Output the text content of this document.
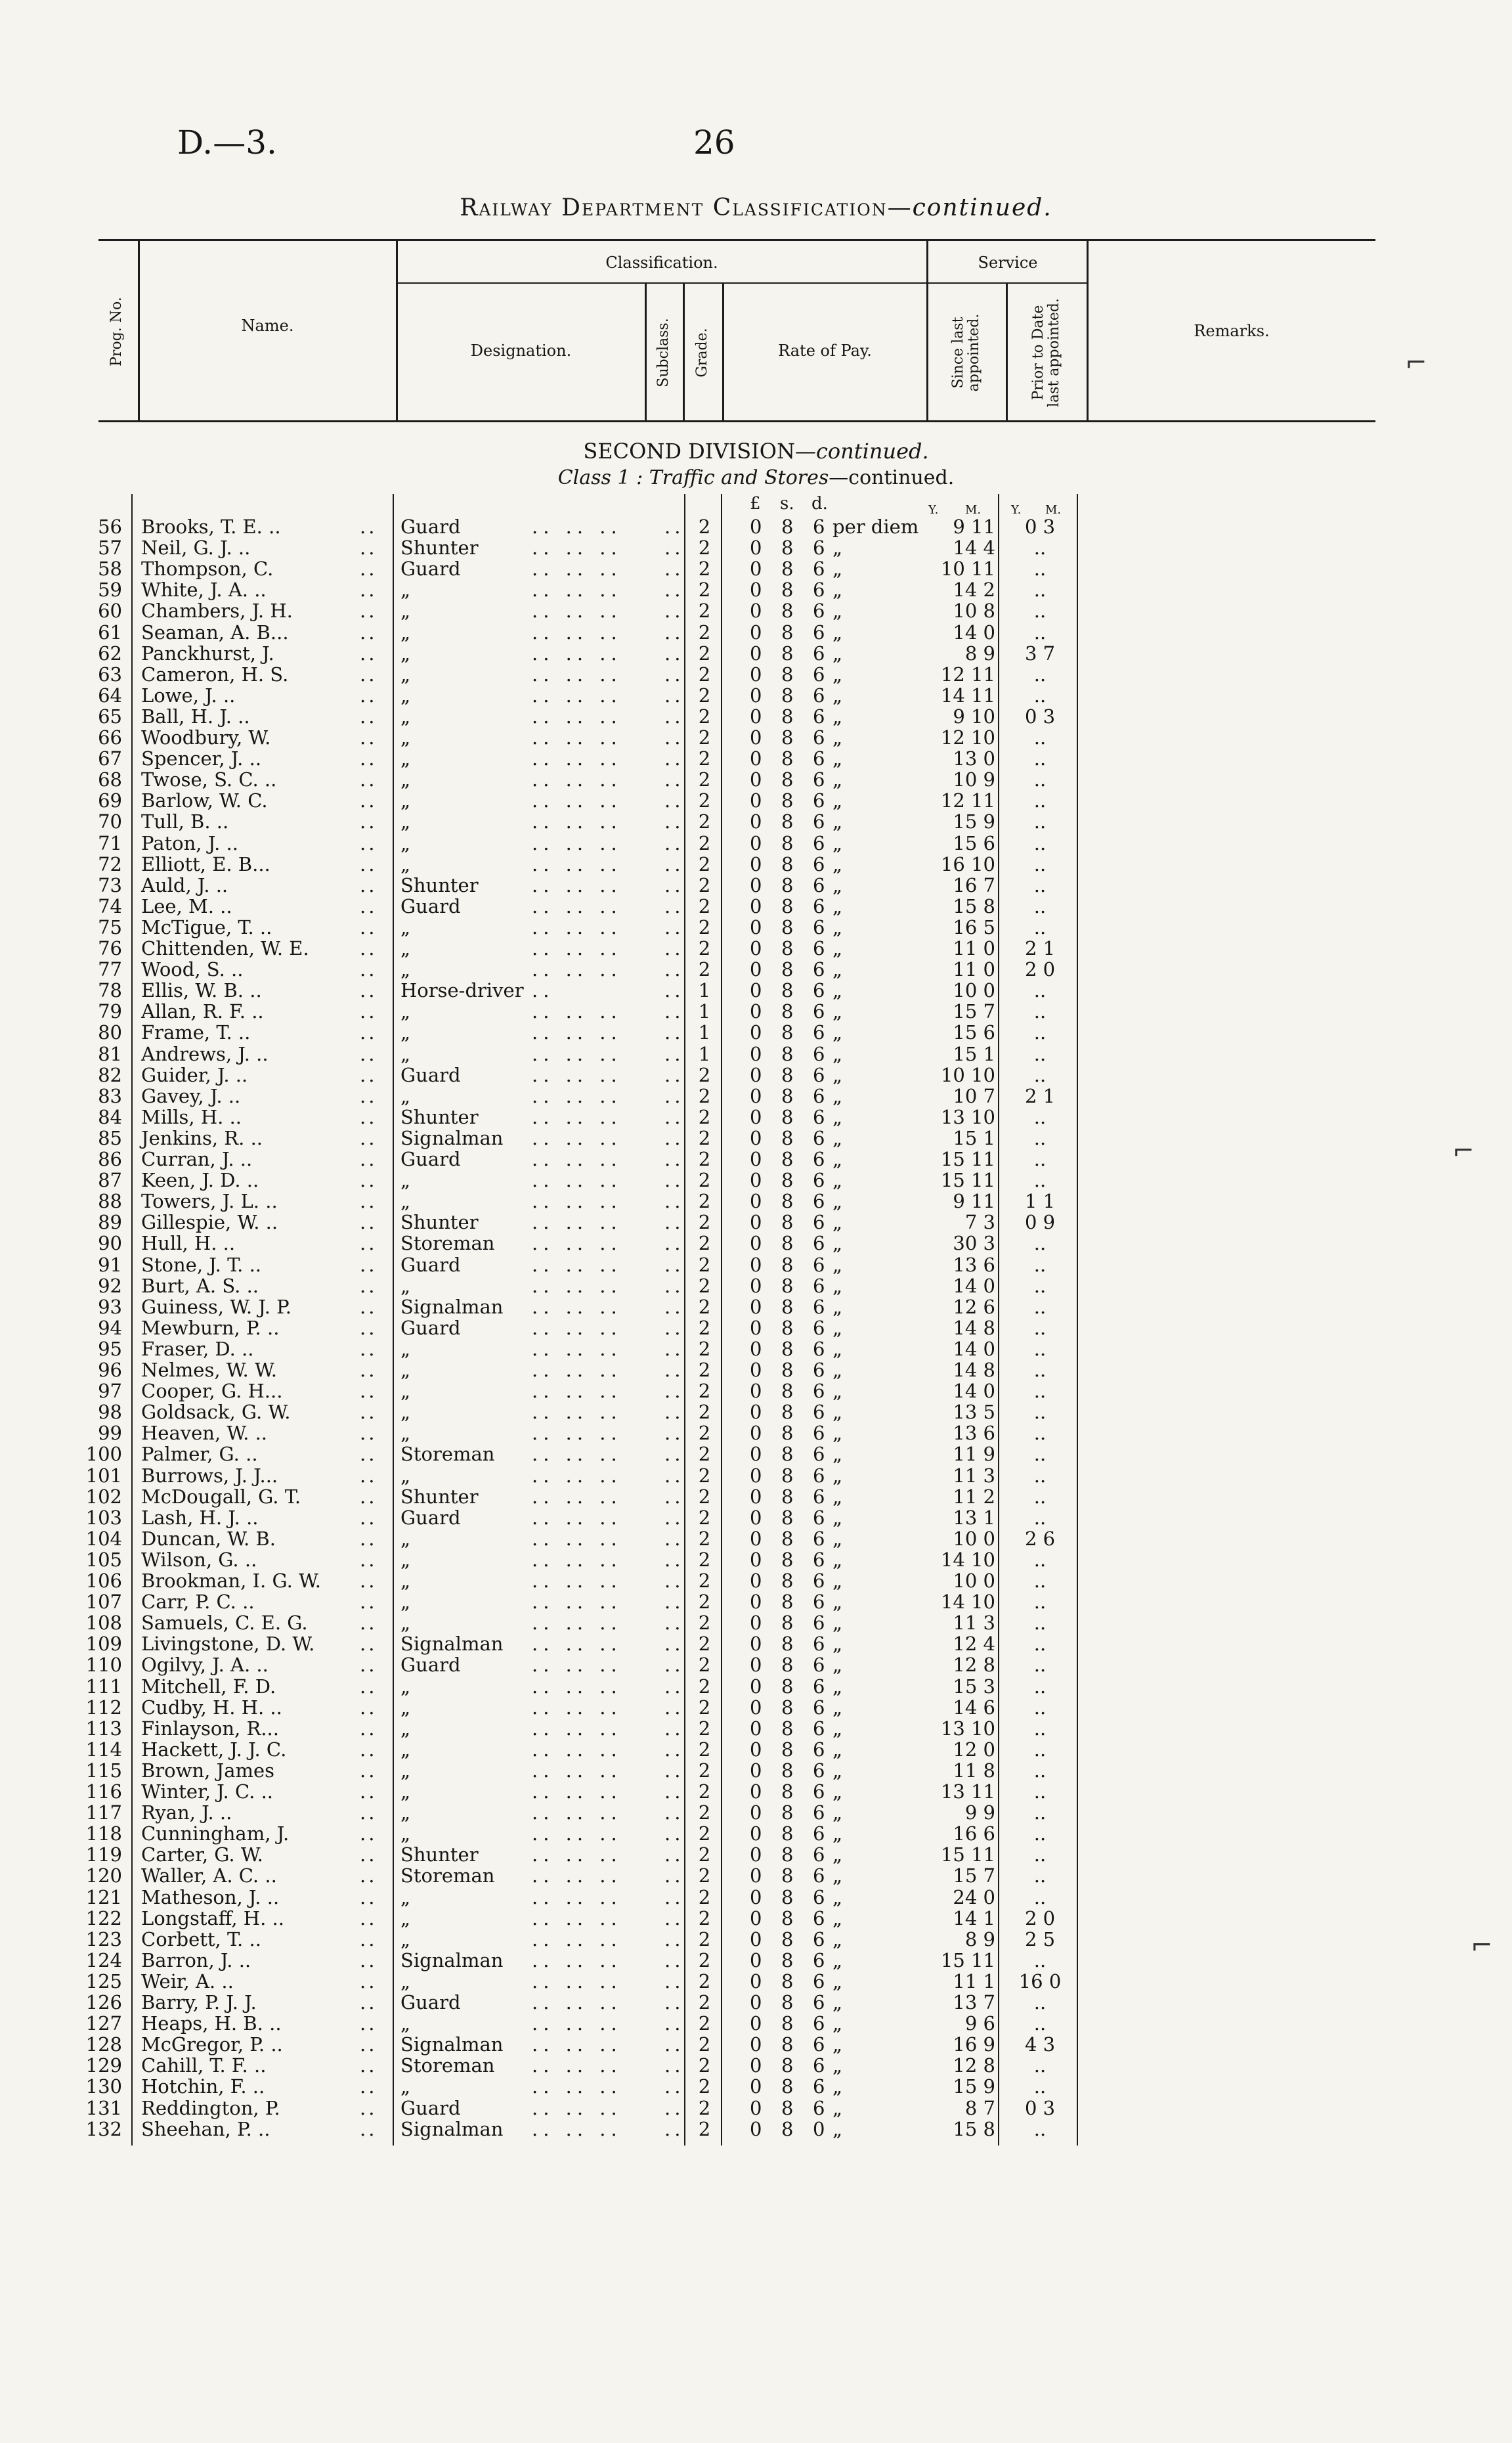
D.—3.	26
Railway Department Classification—continued.
Prog. No.	Name.
Classification.
Designation.	Subclass. Grade.	Rate of Pay.
Service
Since last appointed.	Prior to Date last appointed.	Remarks.
SECOND DIVISION—continued.
Class 1 : Traffic and Stores—continued.
£ s. d.	Y. M.	Y. M.
56 Brooks, T. E. ..	.. Guard	.. .. .. .. 2 0 8 6 per diem	9 11	0 3
57 Neil, G. J. ..	.. Shunter	.. .. .. .. 2 0 8 6 „	14 4	..
58 Thompson, C.	.. Guard	.. .. .. .. 2 0 8 6 „	10 11	..
59 White, J. A. ..	.. „	.. .. .. .. 2 0 8 6 „	14 2	..
60 Chambers, J. H.	.. „	.. .. .. .. 2 0 8 6 „	10 8	..
61 Seaman, A. B...	.. „	.. .. .. .. 2 0 8 6 „	14 0	..
62 Panckhurst, J.	.. „	.. .. .. .. 2 0 8 6 „	8 9	3 7
63 Cameron, H. S.	.. „	.. .. .. .. 2 0 8 6 „	12 11	..
64 Lowe, J. ..	.. „	.. .. .. .. 2 0 8 6 „	14 11	..
65 Ball, H. J. ..	.. „	.. .. .. .. 2 0 8 6 „	9 10	0 3
66 Woodbury, W.	.. „	.. .. .. .. 2 0 8 6 „	12 10	..
67 Spencer, J. ..	.. „	.. .. .. .. 2 0 8 6 „	13 0	..
68 Twose, S. C. ..	.. „	.. .. .. .. 2 0 8 6 „	10 9	..
69 Barlow, W. C.	.. „	.. .. .. .. 2 0 8 6 „	12 11	..
70 Tull, B. ..	.. „	.. .. .. .. 2 0 8 6 „	15 9	..
71 Paton, J. ..	.. „	.. .. .. .. 2 0 8 6 „	15 6	..
72 Elliott, E. B...	.. „	.. .. .. .. 2 0 8 6 „	16 10	..
73 Auld, J. ..	.. Shunter	.. .. .. .. 2 0 8 6 „	16 7	..
74 Lee, M. ..	.. Guard	.. .. .. .. 2 0 8 6 „	15 8	..
75 McTigue, T. ..	.. „	.. .. .. .. 2 0 8 6 „	16 5	..
76 Chittenden, W. E.	.. „	.. .. .. .. 2 0 8 6 „	11 0	2 1
77 Wood, S. ..	.. „	.. .. .. .. 2 0 8 6 „	11 0	2 0
78 Ellis, W. B. ..	.. Horse-driver ..	.. 1 0 8 6 „	10 0	..
79 Allan, R. F. ..	.. „	.. .. .. .. 1 0 8 6 „	15 7	..
80 Frame, T. ..	.. „	.. .. .. .. 1 0 8 6 „	15 6	..
81 Andrews, J. ..	.. „	.. .. .. .. 1 0 8 6 „	15 1	..
82 Guider, J. ..	.. Guard	.. .. .. .. 2 0 8 6 „	10 10	..
83 Gavey, J. ..	.. „	.. .. .. .. 2 0 8 6 „	10 7	2 1
84 Mills, H. ..	.. Shunter	.. .. .. .. 2 0 8 6 „	13 10	..
85 Jenkins, R. ..	.. Signalman .. .. .. .. 2 0 8 6 „	15 1	..
86 Curran, J. ..	.. Guard	.. .. .. .. 2 0 8 6 „	15 11	..
87 Keen, J. D. ..	.. „	.. .. .. .. 2 0 8 6 „	15 11	..
88 Towers, J. L. ..	.. „	.. .. .. .. 2 0 8 6 „	9 11	1 1
89 Gillespie, W. ..	.. Shunter	.. .. .. .. 2 0 8 6 „	7 3	0 9
90 Hull, H. ..	.. Storeman .. .. .. .. 2 0 8 6 „	30 3	..
91 Stone, J. T. ..	.. Guard	.. .. .. .. 2 0 8 6 „	13 6	..
92 Burt, A. S. ..	.. „	.. .. .. .. 2 0 8 6 „	14 0	..
93 Guiness, W. J. P.	.. Signalman .. .. .. .. 2 0 8 6 „	12 6	..
94 Mewburn, P. ..	.. Guard	.. .. .. .. 2 0 8 6 „	14 8	..
95 Fraser, D. ..	.. „	.. .. .. .. 2 0 8 6 „	14 0	..
96 Nelmes, W. W.	.. „	.. .. .. .. 2 0 8 6 „	14 8	..
97 Cooper, G. H...	.. „	.. .. .. .. 2 0 8 6 „	14 0	..
98 Goldsack, G. W.	.. „	.. .. .. .. 2 0 8 6 „	13 5	..
99 Heaven, W. ..	.. „	.. .. .. .. 2 0 8 6 „	13 6	..
100 Palmer, G. ..	.. Storeman .. .. .. .. 2 0 8 6 „	11 9	..
101 Burrows, J. J...	.. „	.. .. .. .. 2 0 8 6 „	11 3	..
102 McDougall, G. T.	.. Shunter	.. .. .. .. 2 0 8 6 „	11 2	..
103 Lash, H. J. ..	.. Guard	.. .. .. .. 2 0 8 6 „	13 1	..
104 Duncan, W. B.	.. „	.. .. .. .. 2 0 8 6 „	10 0	2 6
105 Wilson, G. ..	.. „	.. .. .. .. 2 0 8 6 „	14 10	..
106 Brookman, I. G. W. .. „	.. .. .. .. 2 0 8 6 „	10 0	..
107 Carr, P. C. ..	.. „	.. .. .. .. 2 0 8 6 „	14 10	..
108 Samuels, C. E. G.	.. „	.. .. .. .. 2 0 8 6 „	11 3	..
109 Livingstone, D. W. .. Signalman .. .. .. .. 2 0 8 6 „	12 4	..
110 Ogilvy, J. A. ..	.. Guard	.. .. .. .. 2 0 8 6 „	12 8	..
111 Mitchell, F. D.	.. „	.. .. .. .. 2 0 8 6 „	15 3	..
112 Cudby, H. H. ..	.. „	.. .. .. .. 2 0 8 6 „	14 6	..
113 Finlayson, R...	.. „	.. .. .. .. 2 0 8 6 „	13 10	..
114 Hackett, J. J. C.	.. „	.. .. .. .. 2 0 8 6 „	12 0	..
115 Brown, James	.. „	.. .. .. .. 2 0 8 6 „	11 8	..
116 Winter, J. C. ..	.. „	.. .. .. .. 2 0 8 6 „	13 11	..
117 Ryan, J. ..	.. „	.. .. .. .. 2 0 8 6 „	9 9	..
118 Cunningham, J.	.. „	.. .. .. .. 2 0 8 6 „	16 6	..
119 Carter, G. W.	.. Shunter	.. .. .. .. 2 0 8 6 „	15 11	..
120 Waller, A. C. ..	.. Storeman .. .. .. .. 2 0 8 6 „	15 7	..
121 Matheson, J. ..	.. „	.. .. .. .. 2 0 8 6 „	24 0	..
122 Longstaff, H. ..	.. „	.. .. .. .. 2 0 8 6 „	14 1	2 0
123 Corbett, T. ..	.. „	.. .. .. .. 2 0 8 6 „	8 9	2 5
124 Barron, J. ..	.. Signalman .. .. .. .. 2 0 8 6 „	15 11	..
125 Weir, A. ..	.. „	.. .. .. .. 2 0 8 6 „	11 1	16 0
126 Barry, P. J. J.	.. Guard	.. .. .. .. 2 0 8 6 „	13 7	..
127 Heaps, H. B. ..	.. „	.. .. .. .. 2 0 8 6 „	9 6	..
128 McGregor, P. ..	.. Signalman .. .. .. .. 2 0 8 6 „	16 9	4 3
129 Cahill, T. F. ..	.. Storeman .. .. .. .. 2 0 8 6 „	12 8	..
130 Hotchin, F. ..	.. „	.. .. .. .. 2 0 8 6 „	15 9	..
131 Reddington, P.	.. Guard	.. .. .. .. 2 0 8 6 „	8 7	0 3
132 Sheehan, P. ..	.. Signalman .. .. .. .. 2 0 8 0 „	15 8	..
⌐
⌐
⌐
